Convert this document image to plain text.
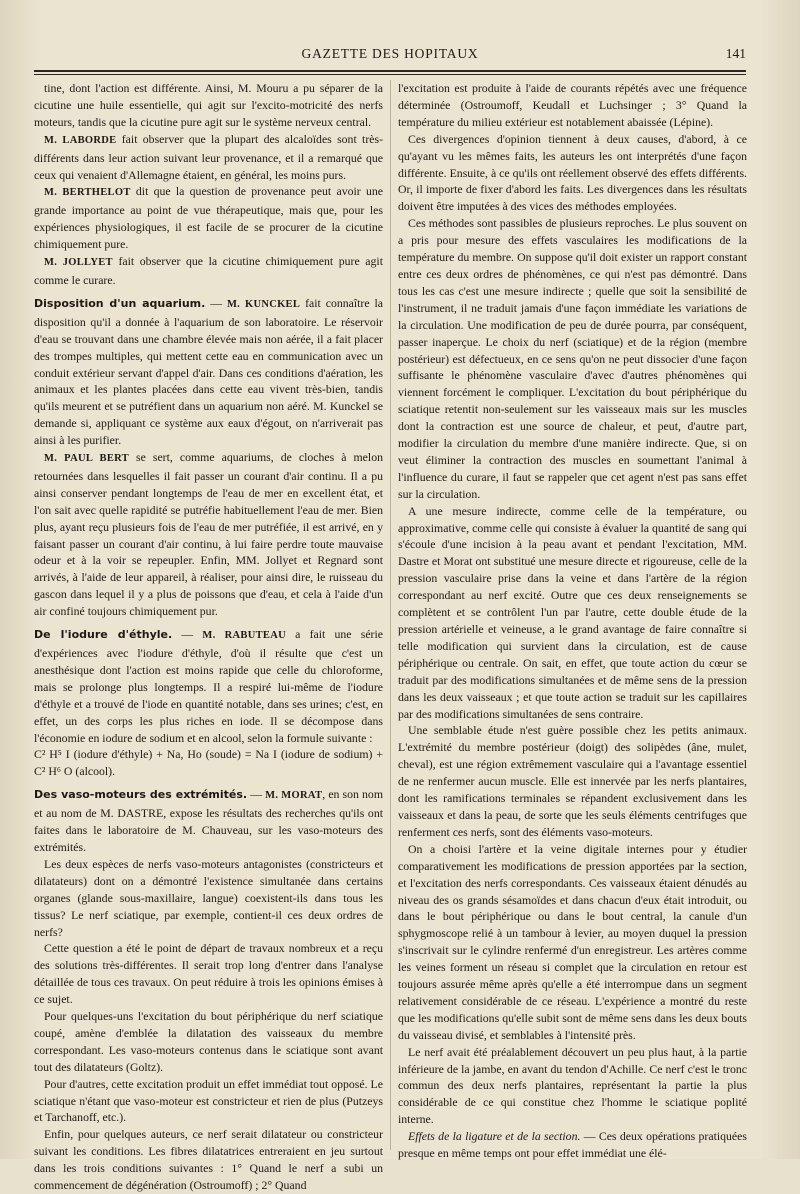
GAZETTE DES HOPITAUX	141

tine, dont l'action est différente. Ainsi, M. Mouru a pu séparer de la cicutine une huile essentielle, qui agit sur l'excito-motricité des nerfs moteurs, tandis que la cicutine pure agit sur le système nerveux central.

M. LABORDE fait observer que la plupart des alcaloïdes sont très-différents dans leur action suivant leur provenance, et il a remarqué que ceux qui venaient d'Allemagne étaient, en général, les moins purs.

M. BERTHELOT dit que la question de provenance peut avoir une grande importance au point de vue thérapeutique, mais que, pour les expériences physiologiques, il est facile de se procurer de la cicutine chimiquement pure.

M. JOLLYET fait observer que la cicutine chimiquement pure agit comme le curare.

Disposition d'un aquarium. — M. KUNCKEL fait connaître la disposition qu'il a donnée à l'aquarium de son laboratoire. Le réservoir d'eau se trouvant dans une chambre élevée mais non aérée, il a fait placer des trompes multiples, qui mettent cette eau en communication avec un conduit extérieur servant d'appel d'air. Dans ces conditions d'aération, les animaux et les plantes placées dans cette eau vivent très-bien, tandis qu'ils meurent et se putréfient dans un aquarium non aéré. M. Kunckel se demande si, appliquant ce système aux eaux d'égout, on n'arriverait pas ainsi à les purifier.

M. PAUL BERT se sert, comme aquariums, de cloches à melon retournées dans lesquelles il fait passer un courant d'air continu. Il a pu ainsi conserver pendant longtemps de l'eau de mer en excellent état, et l'on sait avec quelle rapidité se putréfie habituellement l'eau de mer. Bien plus, ayant reçu plusieurs fois de l'eau de mer putréfiée, il est arrivé, en y faisant passer un courant d'air continu, à lui faire perdre toute mauvaise odeur et à la voir se repeupler. Enfin, MM. Jollyet et Regnard sont arrivés, à l'aide de leur appareil, à réaliser, pour ainsi dire, le ruisseau du gascon dans lequel il y a plus de poissons que d'eau, et cela à l'aide d'un air confiné toujours chimiquement pur.

De l'iodure d'éthyle. — M. RABUTEAU a fait une série d'expériences avec l'iodure d'éthyle, d'où il résulte que c'est un anesthésique dont l'action est moins rapide que celle du chloroforme, mais se prolonge plus longtemps. Il a respiré lui-même de l'iodure d'éthyle et a trouvé de l'iode en quantité notable, dans ses urines; c'est, en effet, un des corps les plus riches en iode. Il se décompose dans l'économie en iodure de sodium et en alcool, selon la formule suivante :

C² H⁵ I (iodure d'éthyle) + Na, Ho (soude) = Na I (iodure de sodium) + C² H⁶ O (alcool).

Des vaso-moteurs des extrémités. — M. MORAT, en son nom et au nom de M. DASTRE, expose les résultats des recherches qu'ils ont faites dans le laboratoire de M. Chauveau, sur les vaso-moteurs des extrémités.

Les deux espèces de nerfs vaso-moteurs antagonistes (constricteurs et dilatateurs) dont on a démontré l'existence simultanée dans certains organes (glande sous-maxillaire, langue) coexistent-ils dans tous les tissus? Le nerf sciatique, par exemple, contient-il ces deux ordres de nerfs?

Cette question a été le point de départ de travaux nombreux et a reçu des solutions très-différentes. Il serait trop long d'entrer dans l'analyse détaillée de tous ces travaux. On peut réduire à trois les opinions émises à ce sujet.

Pour quelques-uns l'excitation du bout périphérique du nerf sciatique coupé, amène d'emblée la dilatation des vaisseaux du membre correspondant. Les vaso-moteurs contenus dans le sciatique sont avant tout des dilatateurs (Goltz).

Pour d'autres, cette excitation produit un effet immédiat tout opposé. Le sciatique n'étant que vaso-moteur est constricteur et rien de plus (Putzeys et Tarchanoff, etc.).

Enfin, pour quelques auteurs, ce nerf serait dilatateur ou constricteur suivant les conditions. Les fibres dilatatrices entreraient en jeu surtout dans les trois conditions suivantes : 1° Quand le nerf a subi un commencement de dégénération (Ostroumoff) ; 2° Quand

l'excitation est produite à l'aide de courants répétés avec une fréquence déterminée (Ostroumoff, Keudall et Luchsinger ; 3° Quand la température du milieu extérieur est notablement abaissée (Lépine).

Ces divergences d'opinion tiennent à deux causes, d'abord, à ce qu'ayant vu les mêmes faits, les auteurs les ont interprétés d'une façon différente. Ensuite, à ce qu'ils ont réellement observé des effets différents. Or, il importe de fixer d'abord les faits. Les divergences dans les résultats doivent être imputées à des vices des méthodes employées.

Ces méthodes sont passibles de plusieurs reproches. Le plus souvent on a pris pour mesure des effets vasculaires les modifications de la température du membre. On suppose qu'il doit exister un rapport constant entre ces deux ordres de phénomènes, ce qui n'est pas démontré. Dans tous les cas c'est une mesure indirecte ; quelle que soit la sensibilité de l'instrument, il ne traduit jamais d'une façon immédiate les variations de la circulation. Une modification de peu de durée pourra, par conséquent, passer inaperçue. Le choix du nerf (sciatique) et de la région (membre postérieur) est défectueux, en ce sens qu'on ne peut dissocier d'une façon suffisante le phénomène vasculaire d'avec d'autres phénomènes qui viennent forcément le compliquer. L'excitation du bout périphérique du sciatique retentit non-seulement sur les vaisseaux mais sur les muscles dont la contraction est une source de chaleur, et peut, d'autre part, modifier la circulation du membre d'une manière indirecte. Que, si on veut éliminer la contraction des muscles en soumettant l'animal à l'influence du curare, il faut se rappeler que cet agent n'est pas sans effet sur la circulation.

A une mesure indirecte, comme celle de la température, ou approximative, comme celle qui consiste à évaluer la quantité de sang qui s'écoule d'une incision à la peau avant et pendant l'excitation, MM. Dastre et Morat ont substitué une mesure directe et rigoureuse, celle de la pression vasculaire prise dans la veine et dans l'artère de la région correspondant au nerf excité. Outre que ces deux renseignements se complètent et se contrôlent l'un par l'autre, cette double étude de la pression artérielle et veineuse, a le grand avantage de faire connaître si telle modification qui survient dans la circulation, est de cause périphérique ou centrale. On sait, en effet, que toute action du cœur se traduit par des modifications simultanées et de même sens de la pression dans les deux vaisseaux ; et que toute action se traduit sur les capillaires par des modifications simultanées de sens contraire.

Une semblable étude n'est guère possible chez les petits animaux. L'extrémité du membre postérieur (doigt) des solipèdes (âne, mulet, cheval), est une région extrêmement vasculaire qui a l'avantage essentiel de ne renfermer aucun muscle. Elle est innervée par les nerfs plantaires, dont les ramifications terminales se répandent exclusivement dans les vaisseaux et dans la peau, de sorte que les seuls éléments centrifuges que renferment ces nerfs, sont des éléments vaso-moteurs.

On a choisi l'artère et la veine digitale internes pour y étudier comparativement les modifications de pression apportées par la section, et l'excitation des nerfs correspondants. Ces vaisseaux étaient dénudés au niveau des os grands sésamoïdes et dans chacun d'eux était introduit, ou dans le bout périphérique ou dans le bout central, la canule d'un sphygmoscope relié à un tambour à levier, au moyen duquel la pression s'inscrivait sur le cylindre renfermé d'un enregistreur. Les artères comme les veines forment un réseau si complet que la circulation en retour est toujours assurée même après qu'elle a été interrompue dans un segment relativement considérable de ce réseau. L'expérience a montré du reste que les modifications qu'elle subit sont de même sens dans les deux bouts du vaisseau divisé, et semblables à l'intensité près.

Le nerf avait été préalablement découvert un peu plus haut, à la partie inférieure de la jambe, en avant du tendon d'Achille. Ce nerf c'est le tronc commun des deux nerfs plantaires, représentant la partie la plus considérable de ce qui constitue chez l'homme le sciatique poplité interne.

Effets de la ligature et de la section. — Ces deux opérations pratiquées presque en même temps ont pour effet immédiat une élé-
